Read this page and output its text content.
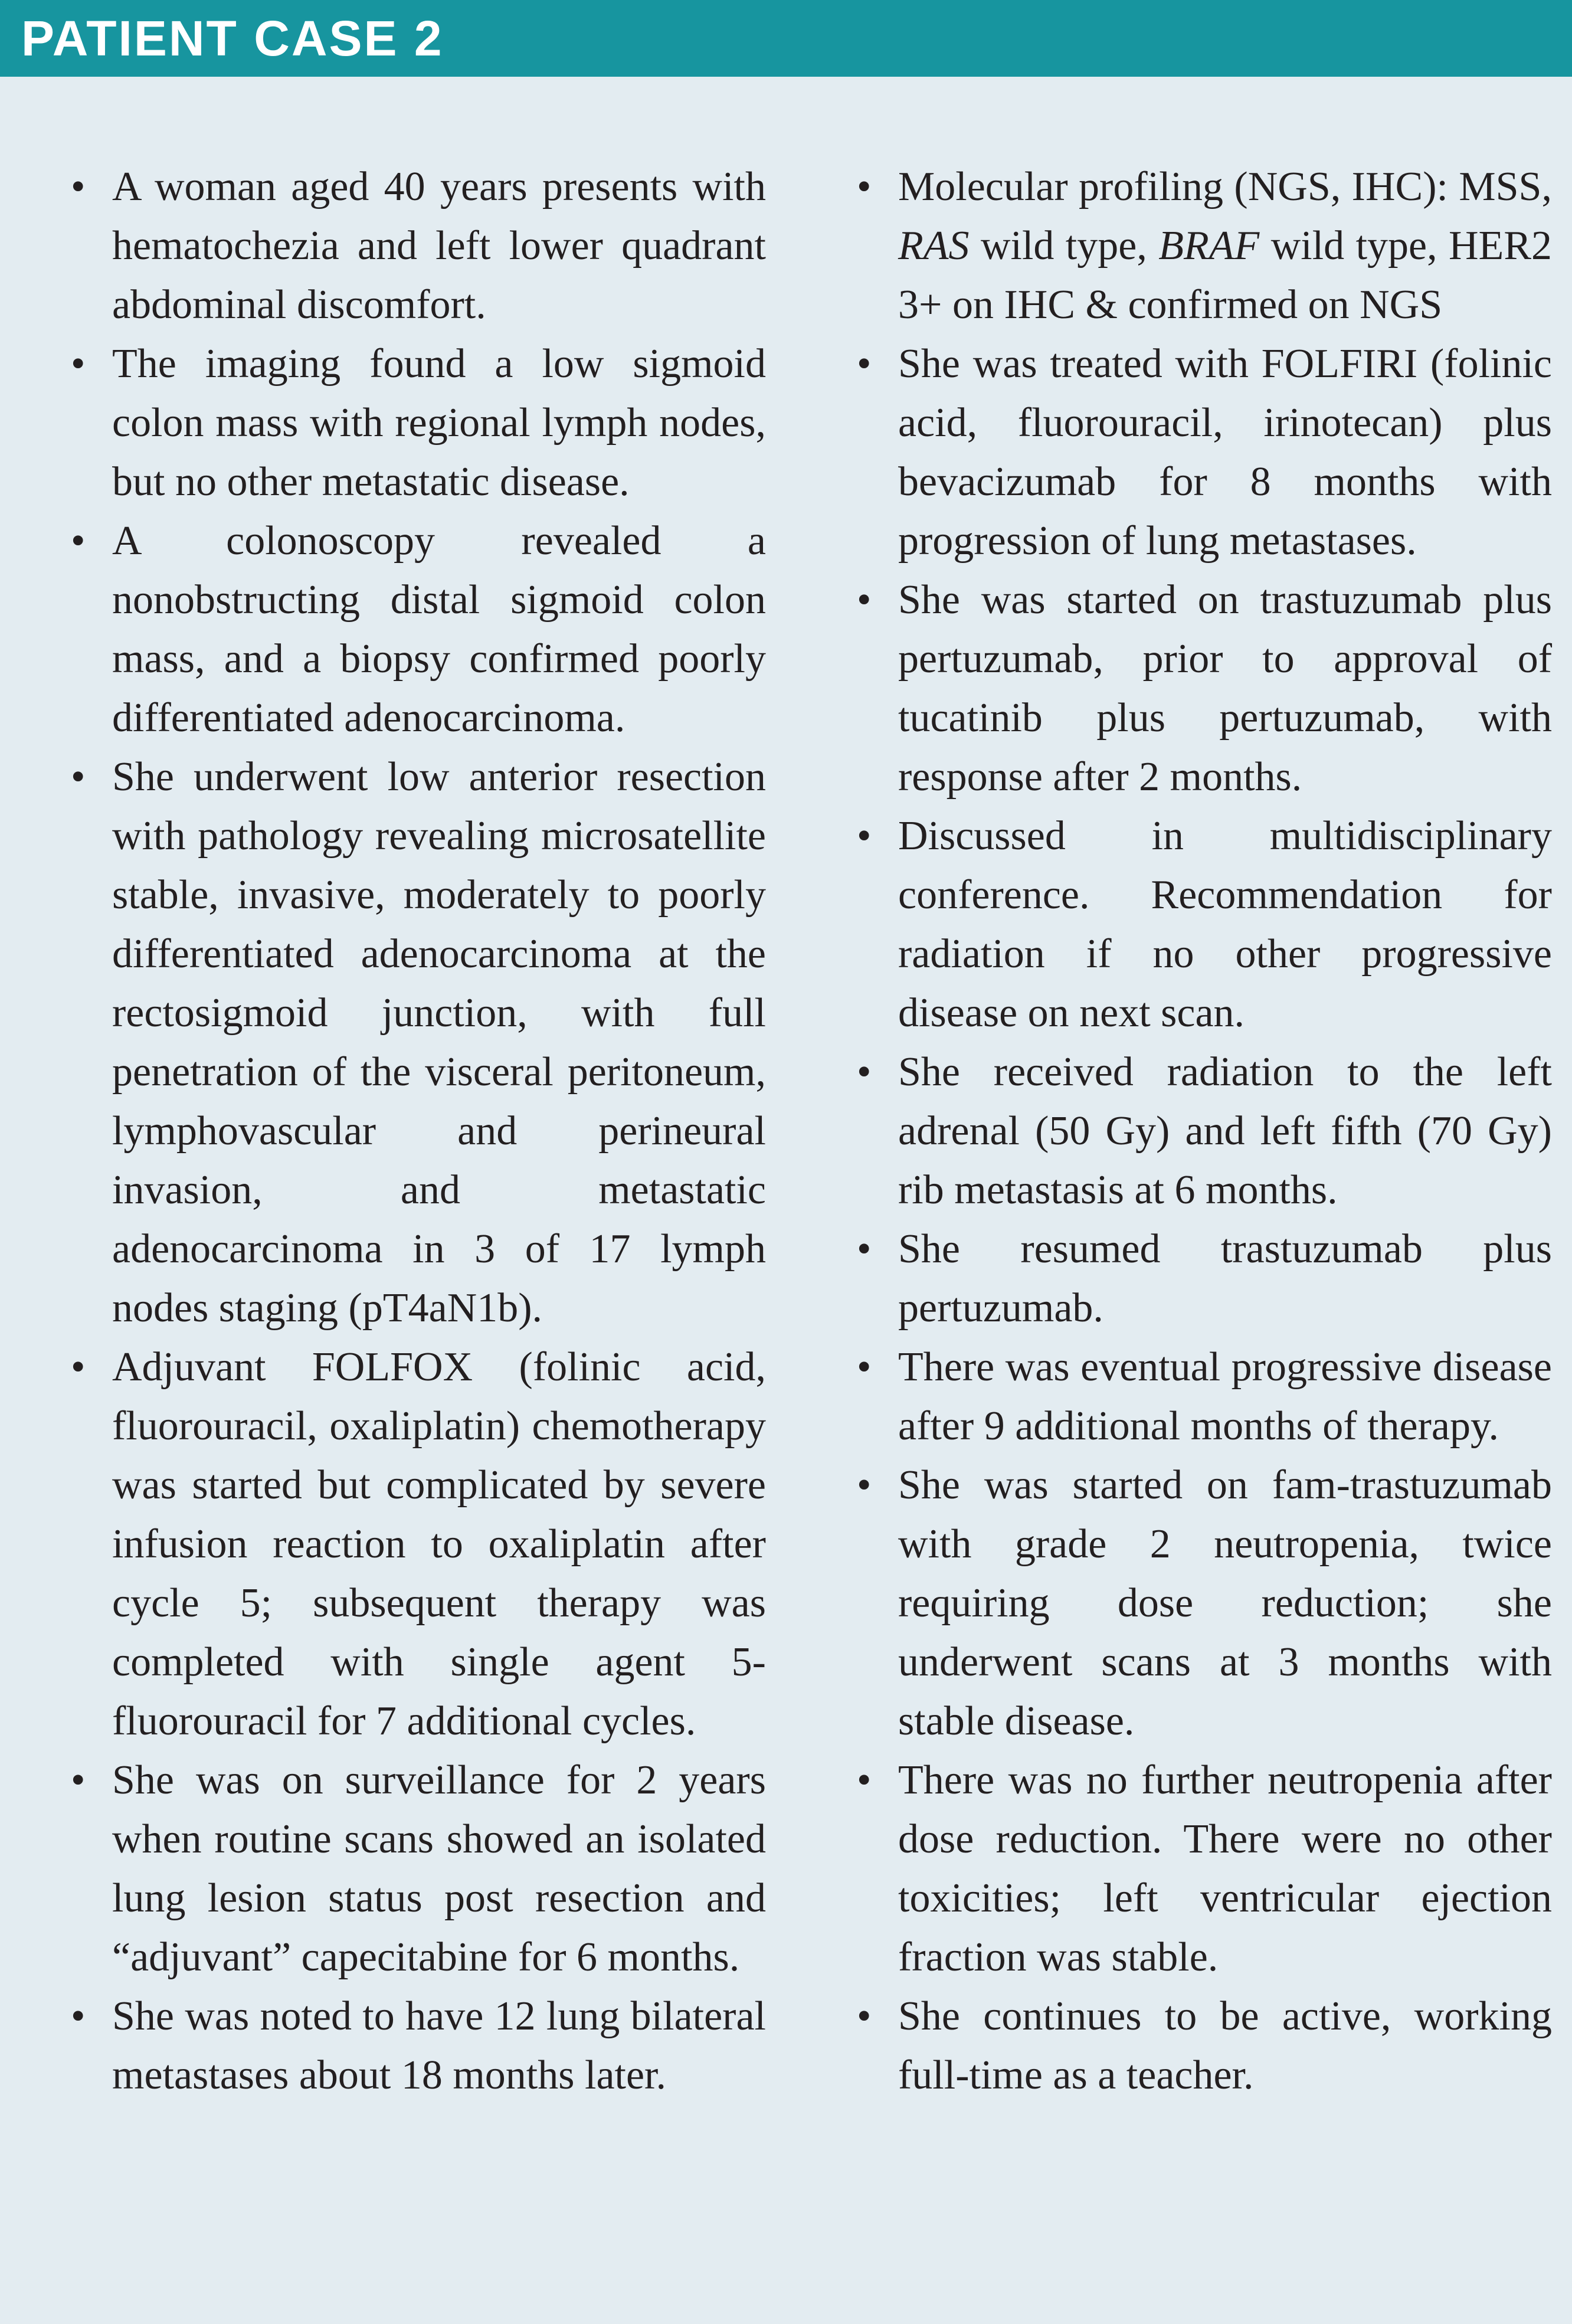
PATIENT CASE 2
• A woman aged 40 years presents with hematochezia and left lower quadrant abdominal discomfort.
• The imaging found a low sigmoid colon mass with regional lymph nodes, but no other metastatic disease.
• A colonoscopy revealed a nonobstructing distal sigmoid colon mass, and a biopsy confirmed poorly differentiated adenocarcinoma.
• She underwent low anterior resection with pathology revealing microsatellite stable, invasive, moderately to poorly differentiated adenocarcinoma at the rectosigmoid junction, with full penetration of the visceral peritoneum, lymphovascular and perineural invasion, and metastatic adenocarcinoma in 3 of 17 lymph nodes staging (pT4aN1b).
• Adjuvant FOLFOX (folinic acid, fluorouracil, oxaliplatin) chemotherapy was started but complicated by severe infusion reaction to oxaliplatin after cycle 5; subsequent therapy was completed with single agent 5-fluorouracil for 7 additional cycles.
• She was on surveillance for 2 years when routine scans showed an isolated lung lesion status post resection and “adjuvant” capecitabine for 6 months.
• She was noted to have 12 lung bilateral metastases about 18 months later.
• Molecular profiling (NGS, IHC): MSS, RAS wild type, BRAF wild type, HER2 3+ on IHC & confirmed on NGS
• She was treated with FOLFIRI (folinic acid, fluorouracil, irinotecan) plus bevacizumab for 8 months with progression of lung metastases.
• She was started on trastuzumab plus pertuzumab, prior to approval of tucatinib plus pertuzumab, with response after 2 months.
• Discussed in multidisciplinary conference. Recommendation for radiation if no other progressive disease on next scan.
• She received radiation to the left adrenal (50 Gy) and left fifth (70 Gy) rib metastasis at 6 months.
• She resumed trastuzumab plus pertuzumab.
• There was eventual progressive disease after 9 additional months of therapy.
• She was started on fam-trastuzumab with grade 2 neutropenia, twice requiring dose reduction; she underwent scans at 3 months with stable disease.
• There was no further neutropenia after dose reduction. There were no other toxicities; left ventricular ejection fraction was stable.
• She continues to be active, working full-time as a teacher.
